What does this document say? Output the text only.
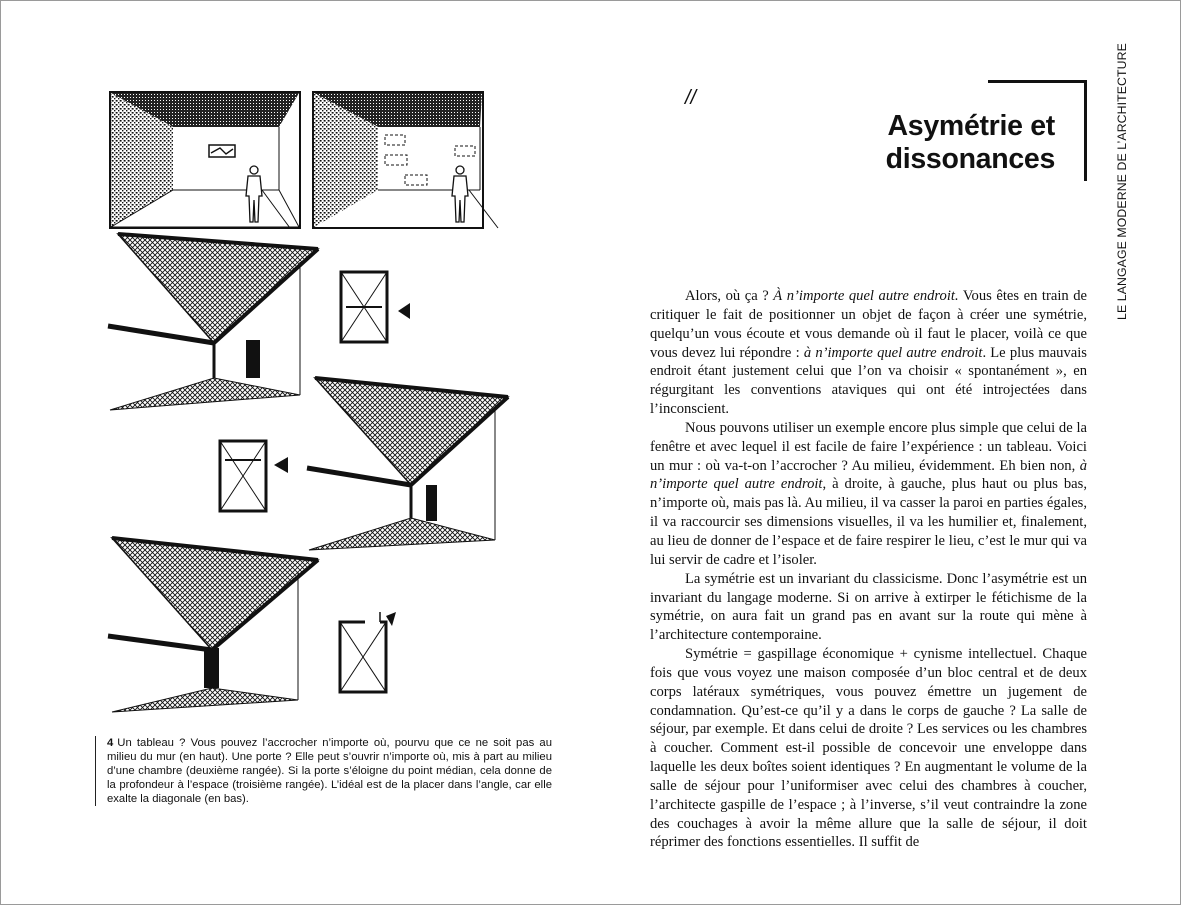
4 Un tableau ? Vous pouvez l’accrocher n’importe où, pourvu que ce ne soit pas au milieu du mur (en haut). Une porte ? Elle peut s’ouvrir n’importe où, mis à part au milieu d’une chambre (deuxième rangée). Si la porte s’éloigne du point médian, cela donne de la profondeur à l’espace (troisième rangée). L’idéal est de la placer dans l’angle, car elle exalte la diagonale (en bas).
//
Asymétrie et
dissonances	LE LANGAGE MODERNE DE L’ARCHITECTURE

Alors, où ça ? À n’importe quel autre endroit. Vous êtes en train de critiquer le fait de positionner un objet de façon à créer une symétrie, quelqu’un vous écoute et vous demande où il faut le placer, voilà ce que vous devez lui répondre : à n’importe quel autre endroit. Le plus mauvais endroit étant justement celui que l’on va choisir « spontanément », en régurgitant les conventions ataviques qui ont été introjectées dans l’inconscient.

Nous pouvons utiliser un exemple encore plus simple que celui de la fenêtre et avec lequel il est facile de faire l’expérience : un tableau. Voici un mur : où va-t-on l’accrocher ? Au milieu, évidemment. Eh bien non, à n’importe quel autre endroit, à droite, à gauche, plus haut ou plus bas, n’importe où, mais pas là. Au milieu, il va casser la paroi en parties égales, il va raccourcir ses dimensions visuelles, il va les humilier et, finalement, au lieu de donner de l’espace et de faire respirer le lieu, c’est le mur qui va lui servir de cadre et l’isoler.

La symétrie est un invariant du classicisme. Donc l’asymétrie est un invariant du langage moderne. Si on arrive à extirper le fétichisme de la symétrie, on aura fait un grand pas en avant sur la route qui mène à l’architecture contemporaine.

Symétrie = gaspillage économique + cynisme intellectuel. Chaque fois que vous voyez une maison composée d’un bloc central et de deux corps latéraux symétriques, vous pouvez émettre un jugement de condamnation. Qu’est-ce qu’il y a dans le corps de gauche ? La salle de séjour, par exemple. Et dans celui de droite ? Les services ou les chambres à coucher. Comment est-il possible de concevoir une enveloppe dans laquelle les deux boîtes soient identiques ? En augmentant le volume de la salle de séjour pour l’uniformiser avec celui des chambres à coucher, l’architecte gaspille de l’espace ; à l’inverse, s’il veut contraindre la zone des couchages à avoir la même allure que la salle de séjour, il doit réprimer des fonctions essentielles. Il suffit de
